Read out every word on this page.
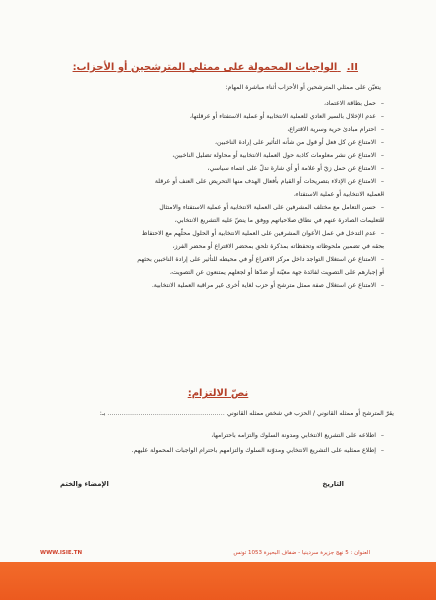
II. الواجبات المحمولة على ممثلي المترشحين أو الأحزاب:
يتعيّن على ممثلي المترشحين أو الأحزاب أثناء مباشرة المهام:
– حمل بطاقة الاعتماد،
– عدم الإخلال بالسير العادي للعملية الانتخابية أو عملية الاستفتاء أو عرقلتها،
– احترام مبادئ حرية وسرية الاقتراع،
– الامتناع عن كل فعل أو قول من شأنه التأثير على إرادة الناخبين،
– الامتناع عن نشر معلومات كاذبة حول العملية الانتخابية أو محاولة تضليل الناخبين،
– الامتناع عن حمل زيّ أو علامة أو أي شارة تدلّ على انتماء سياسي،
– الامتناع عن الإدلاء بتصريحات أو القيام بأفعال الهدف منها التحريض على العنف أو عرقلة
– العملية الانتخابية أو عملية الاستفتاء،
– حسن التعامل مع مختلف المشرفين على العملية الانتخابية أو عملية الاستفتاء والامتثال
– للتعليمات الصادرة عنهم في نطاق صلاحياتهم ووفق ما ينصّ عليه التشريع الانتخابي،
– عدم التدخل في عمل الأعوان المشرفين على العملية الانتخابية أو الحلول محلّهم مع الاحتفاظ
– بحقه في تضمين ملحوظاته وتحفظاته بمذكرة تلحق بمحضر الاقتراع أو محضر الفرز،
– الامتناع عن استغلال التواجد داخل مركز الاقتراع أو في محيطه للتأثير على إرادة الناخبين بحثهم
– أو إجبارهم على التصويت لفائدة جهة معيّنة أو ضدّها أو لجعلهم يمتنعون عن التصويت،
– الامتناع عن استغلال صفة ممثل مترشح أو حزب لغاية أخرى غير مراقبة العملية الانتخابية.
نصّ الالتزام:
يقرّ المترشح أو ممثله القانوني / الحزب في شخص ممثله القانوني ………………………………………………… بـ:
– اطلاعه على التشريع الانتخابي ومدونة السلوك والتزامه باحترامها،
– إطلاع ممثليه على التشريع الانتخابي ومدوّنة السلوك والتزامهم باحترام الواجبات المحمولة عليهم.
التاريخ
الإمضاء والختم
WWW.ISIE.TN	العنوان : 5 نهج جزيرة سردينيا - ضفاف البحيرة 1053 تونس
